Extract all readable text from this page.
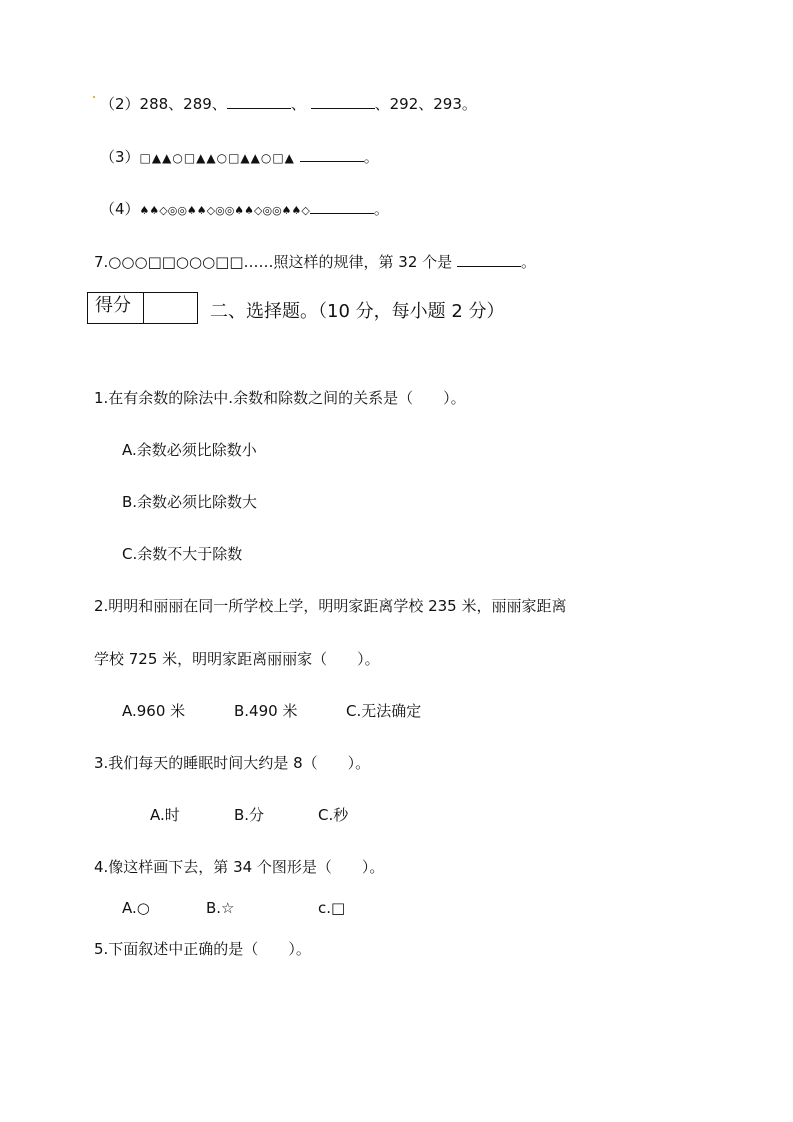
（2）288、289、	、	、292、293。
（3）□▲▲○□▲▲○□▲▲○□▲	。
（4）♠♠◇◎◎♠♠◇◎◎♠♠◇◎◎♠♠◇	。
7.○○○□□○○○□□……照这样的规律，第 32 个是	。
得分	二、选择题。（10 分，每小题 2 分）
1.在有余数的除法中.余数和除数之间的关系是（　　）。
A.余数必须比除数小
B.余数必须比除数大
C.余数不大于除数
2.明明和丽丽在同一所学校上学，明明家距离学校 235 米，丽丽家距离
学校 725 米，明明家距离丽丽家（　　）。
A.960 米	B.490 米	C.无法确定
3.我们每天的睡眠时间大约是 8（　　）。
A.时	B.分	C.秒
4.像这样画下去，第 34 个图形是（　　）。
A.○	B.☆	c.□
5.下面叙述中正确的是（　　）。
